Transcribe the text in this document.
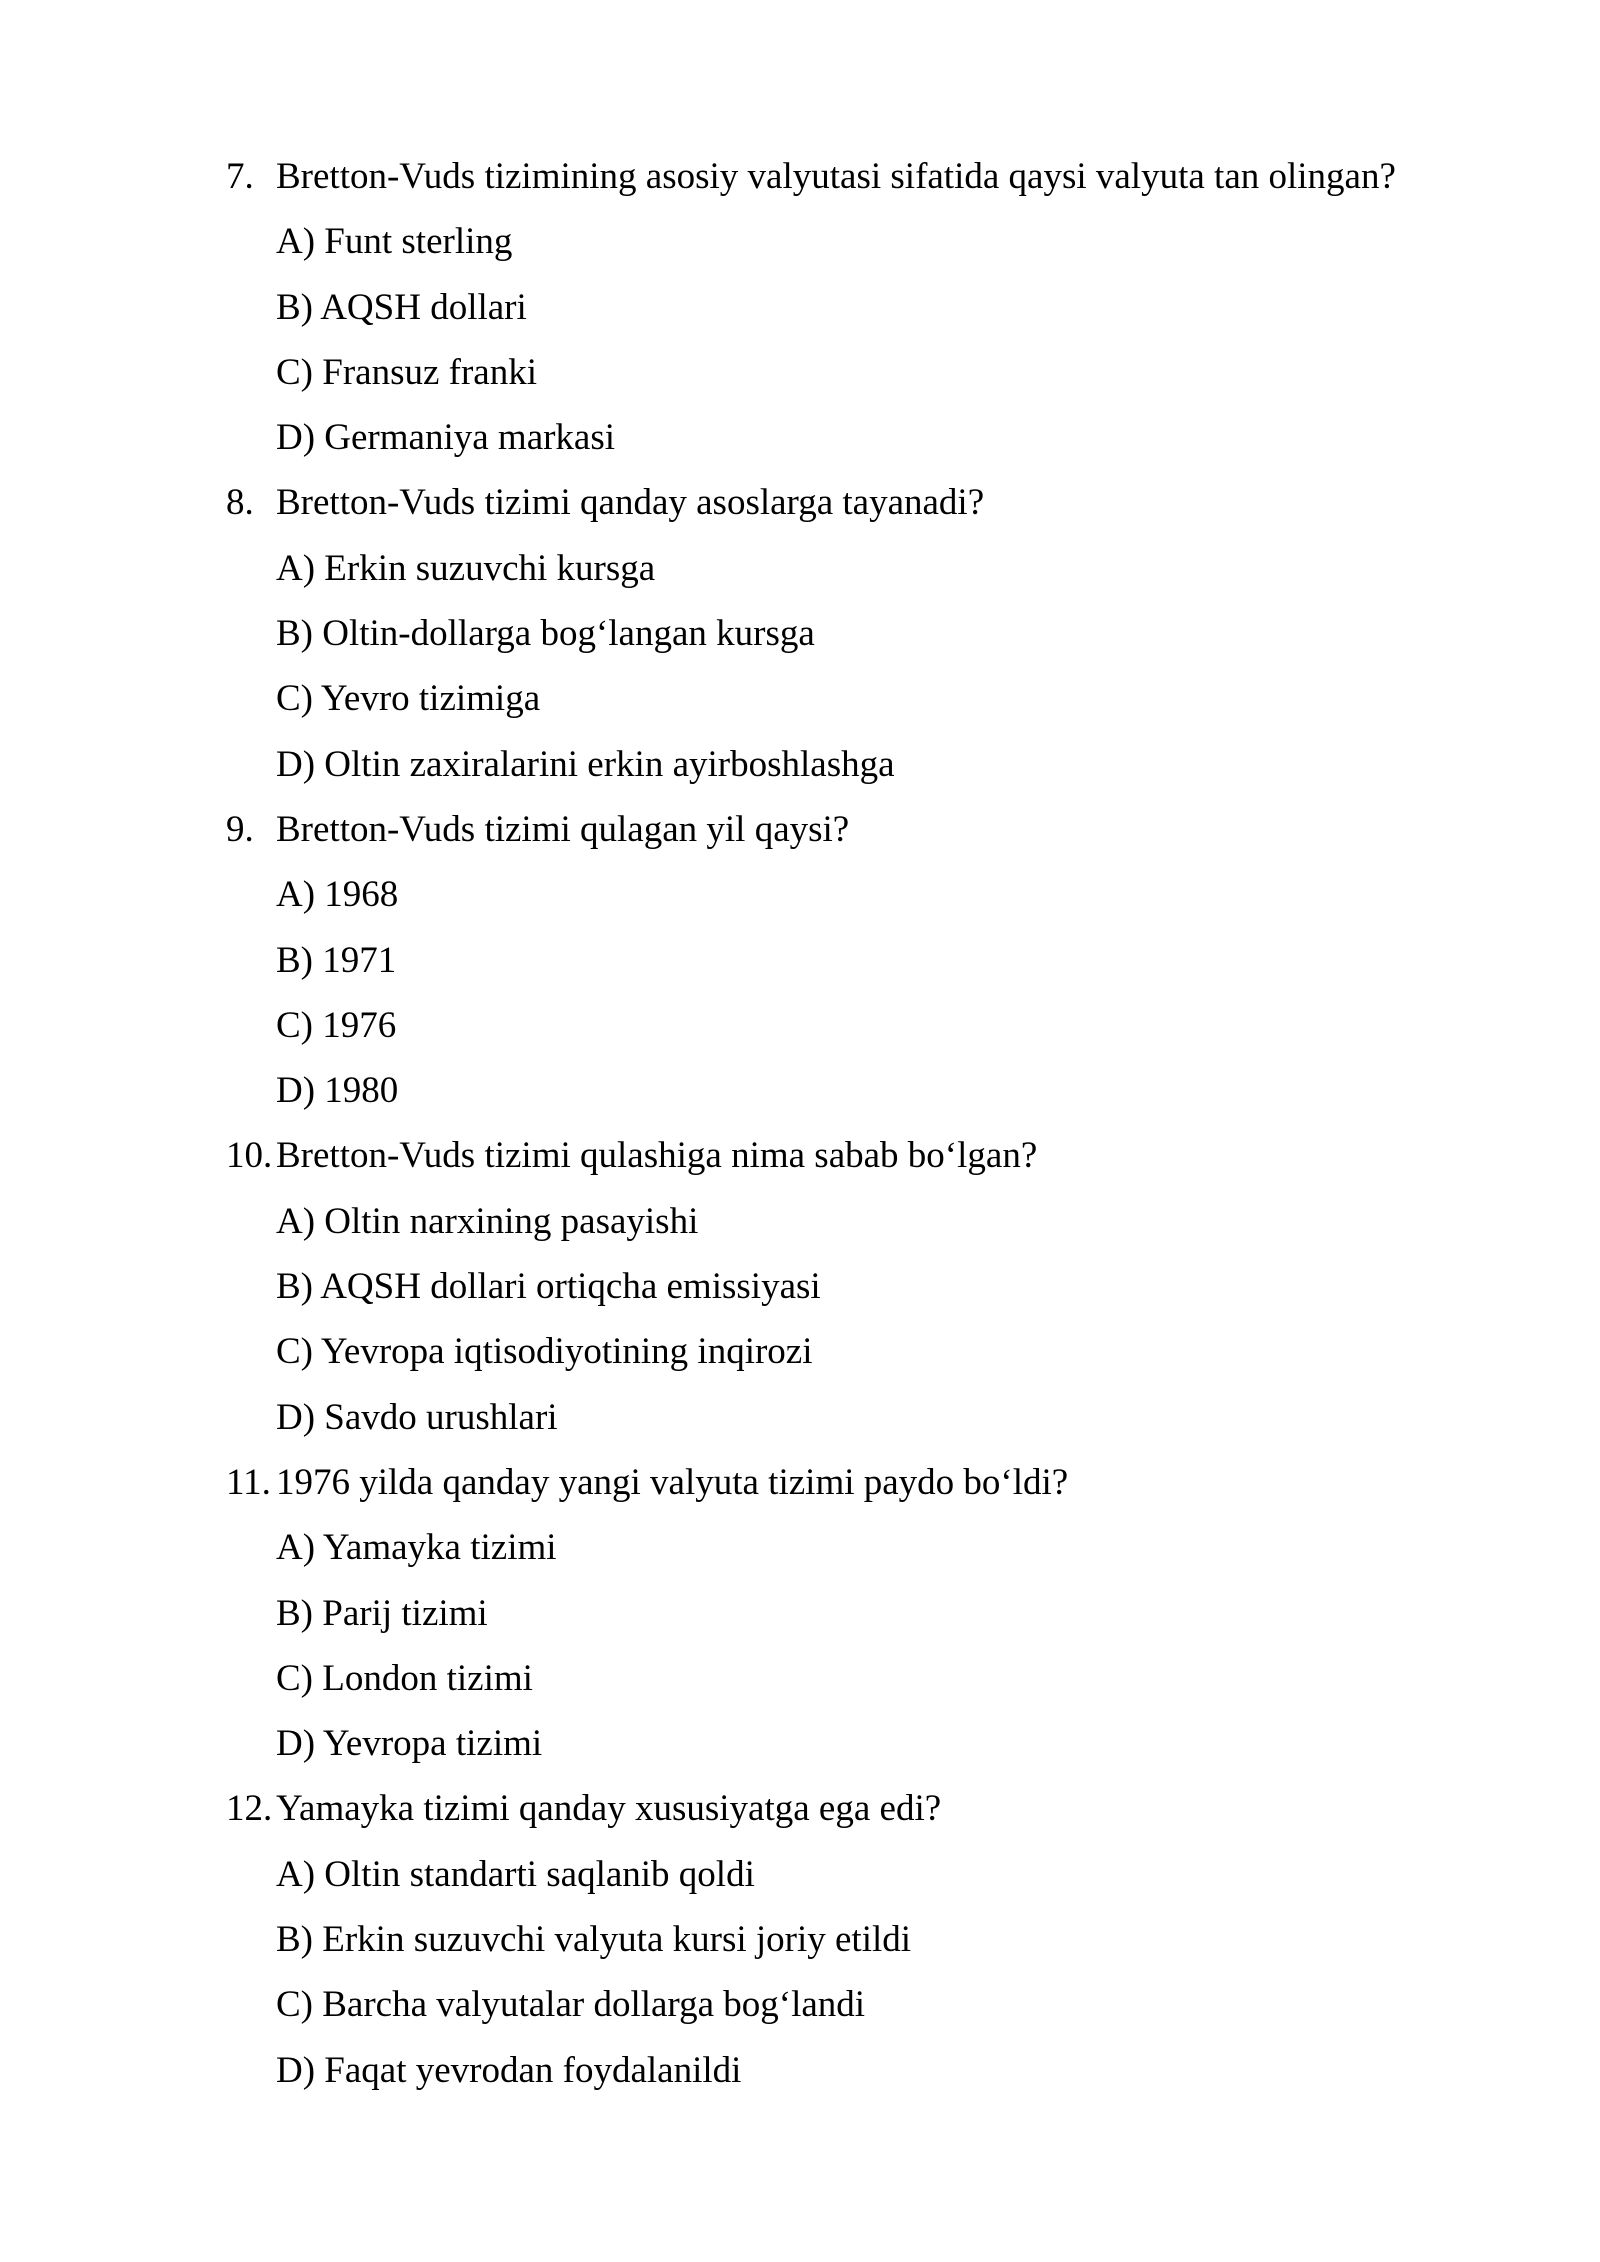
7. Bretton-Vuds tizimining asosiy valyutasi sifatida qaysi valyuta tan olingan?
A) Funt sterling
B) AQSH dollari
C) Fransuz franki
D) Germaniya markasi
8. Bretton-Vuds tizimi qanday asoslarga tayanadi?
A) Erkin suzuvchi kursga
B) Oltin-dollarga bog‘langan kursga
C) Yevro tizimiga
D) Oltin zaxiralarini erkin ayirboshlashga
9. Bretton-Vuds tizimi qulagan yil qaysi?
A) 1968
B) 1971
C) 1976
D) 1980
10. Bretton-Vuds tizimi qulashiga nima sabab bo‘lgan?
A) Oltin narxining pasayishi
B) AQSH dollari ortiqcha emissiyasi
C) Yevropa iqtisodiyotining inqirozi
D) Savdo urushlari
11. 1976 yilda qanday yangi valyuta tizimi paydo bo‘ldi?
A) Yamayka tizimi
B) Parij tizimi
C) London tizimi
D) Yevropa tizimi
12. Yamayka tizimi qanday xususiyatga ega edi?
A) Oltin standarti saqlanib qoldi
B) Erkin suzuvchi valyuta kursi joriy etildi
C) Barcha valyutalar dollarga bog‘landi
D) Faqat yevrodan foydalanildi
